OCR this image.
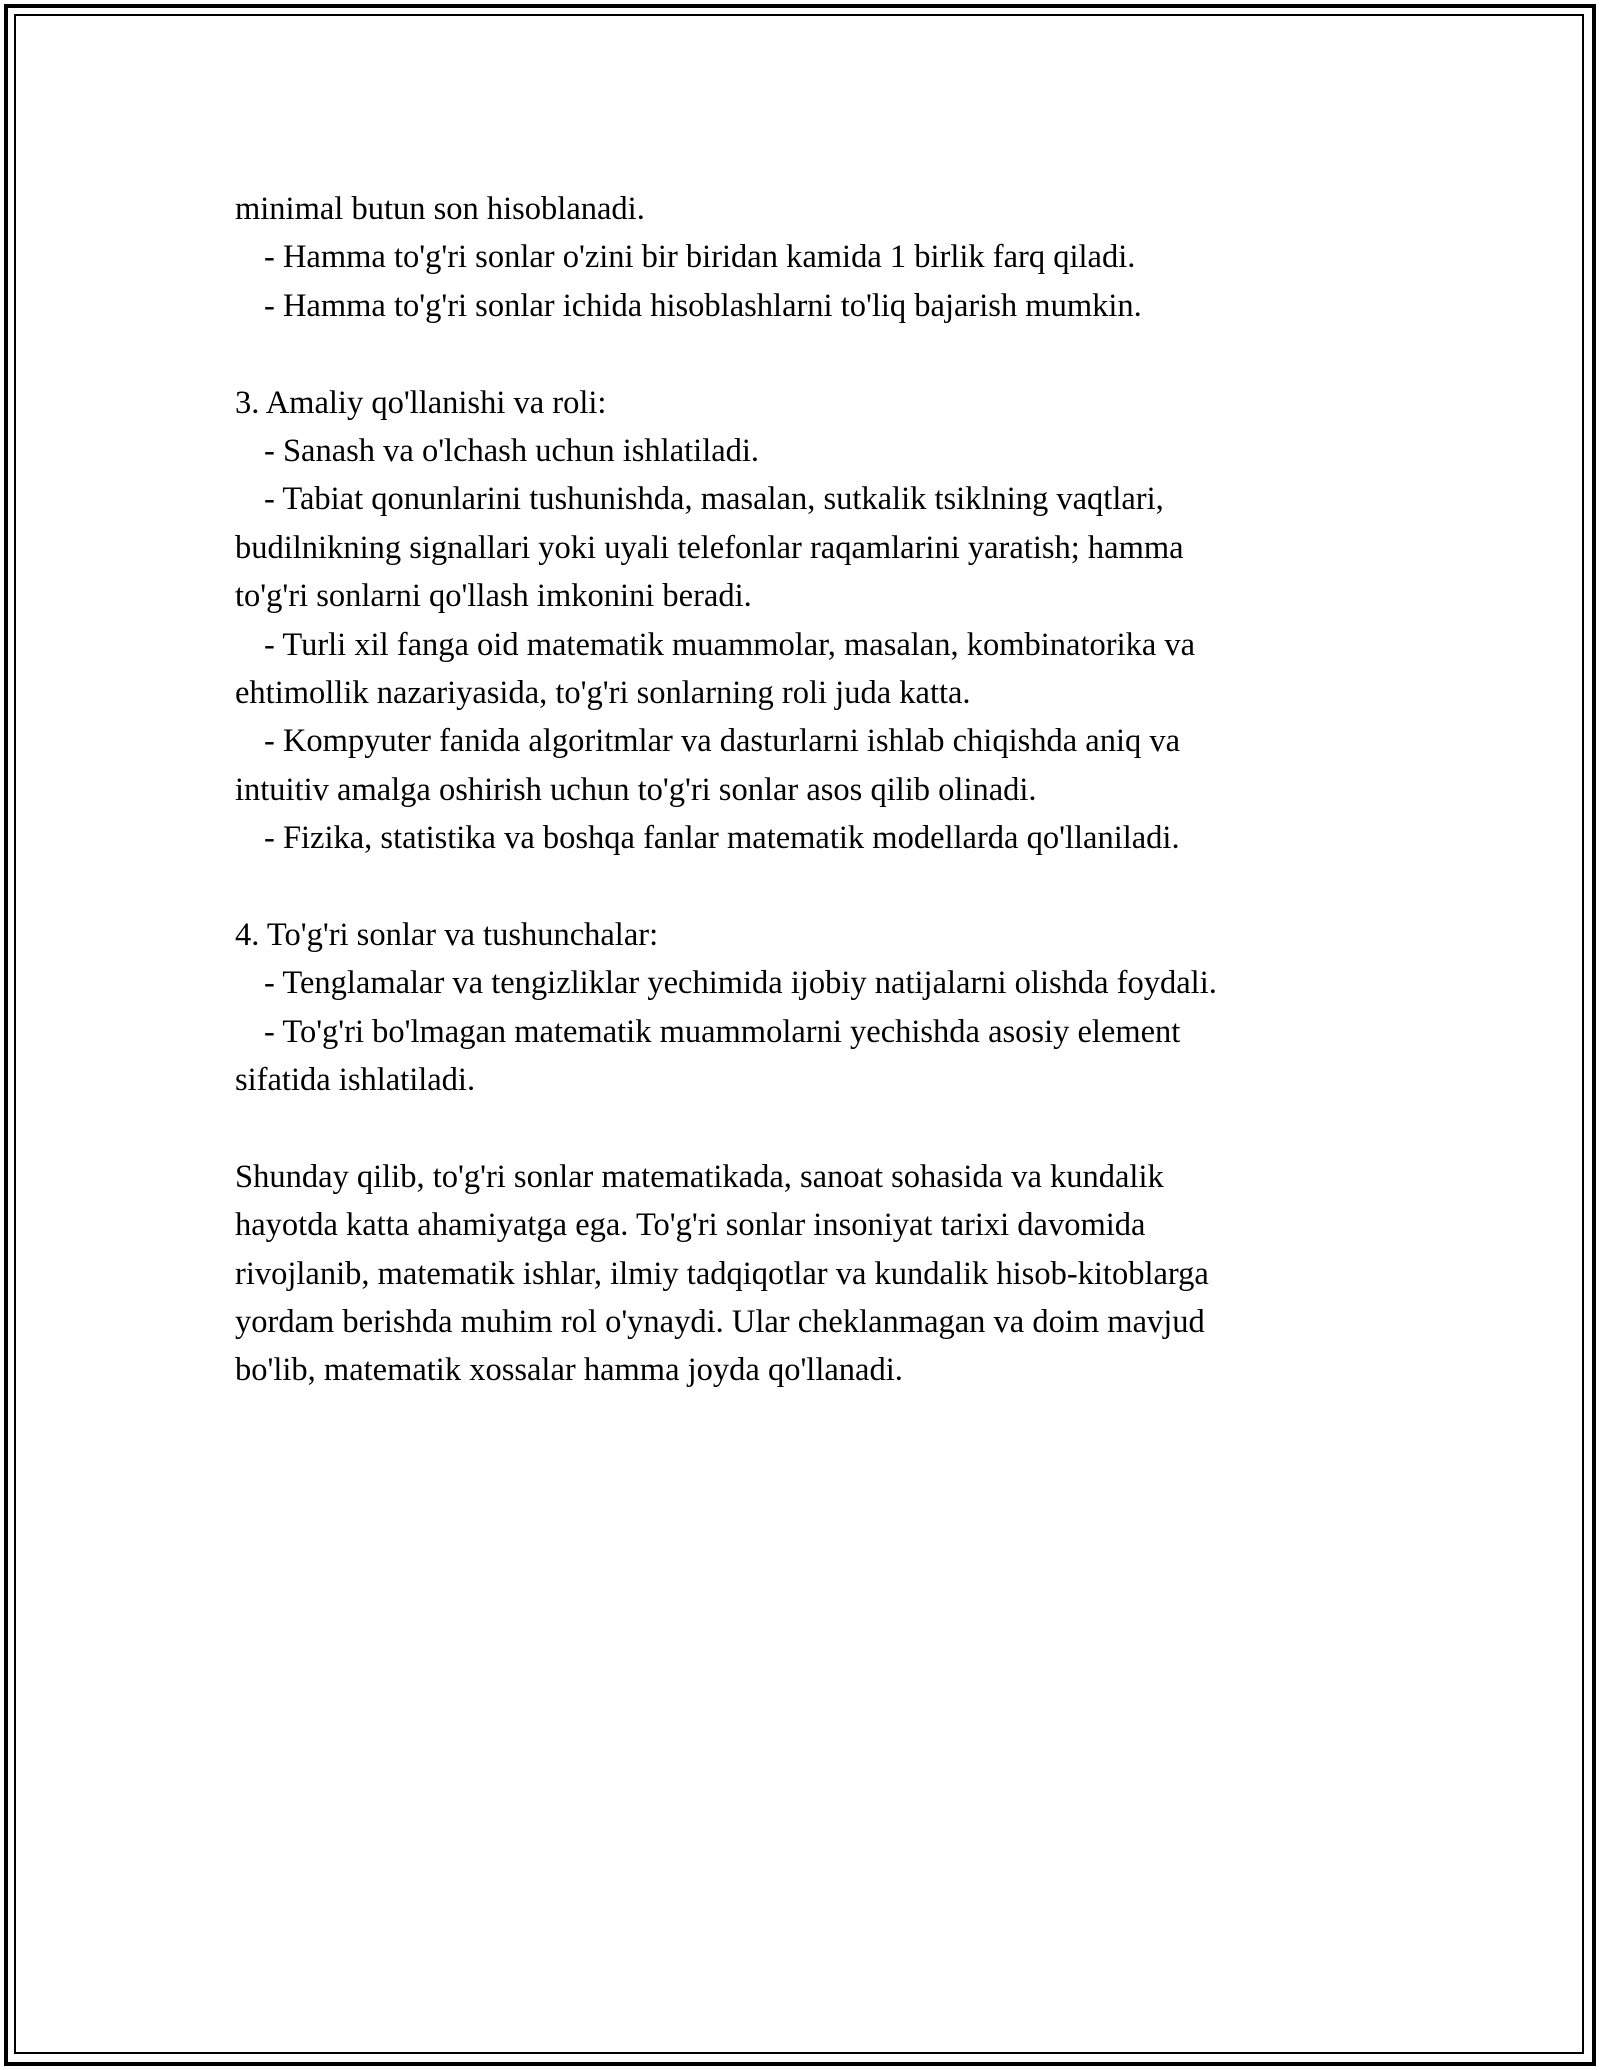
minimal butun son hisoblanadi.
- Hamma to'g'ri sonlar o'zini bir biridan kamida 1 birlik farq qiladi.
- Hamma to'g'ri sonlar ichida hisoblashlarni to'liq bajarish mumkin.
3. Amaliy qo'llanishi va roli:
- Sanash va o'lchash uchun ishlatiladi.
- Tabiat qonunlarini tushunishda, masalan, sutkalik tsiklning vaqtlari,
budilnikning signallari yoki uyali telefonlar raqamlarini yaratish; hamma
to'g'ri sonlarni qo'llash imkonini beradi.
- Turli xil fanga oid matematik muammolar, masalan, kombinatorika va
ehtimollik nazariyasida, to'g'ri sonlarning roli juda katta.
- Kompyuter fanida algoritmlar va dasturlarni ishlab chiqishda aniq va
intuitiv amalga oshirish uchun to'g'ri sonlar asos qilib olinadi.
- Fizika, statistika va boshqa fanlar matematik modellarda qo'llaniladi.
4. To'g'ri sonlar va tushunchalar:
- Tenglamalar va tengizliklar yechimida ijobiy natijalarni olishda foydali.
- To'g'ri bo'lmagan matematik muammolarni yechishda asosiy element
sifatida ishlatiladi.
Shunday qilib, to'g'ri sonlar matematikada, sanoat sohasida va kundalik
hayotda katta ahamiyatga ega. To'g'ri sonlar insoniyat tarixi davomida
rivojlanib, matematik ishlar, ilmiy tadqiqotlar va kundalik hisob-kitoblarga
yordam berishda muhim rol o'ynaydi. Ular cheklanmagan va doim mavjud
bo'lib, matematik xossalar hamma joyda qo'llanadi.
